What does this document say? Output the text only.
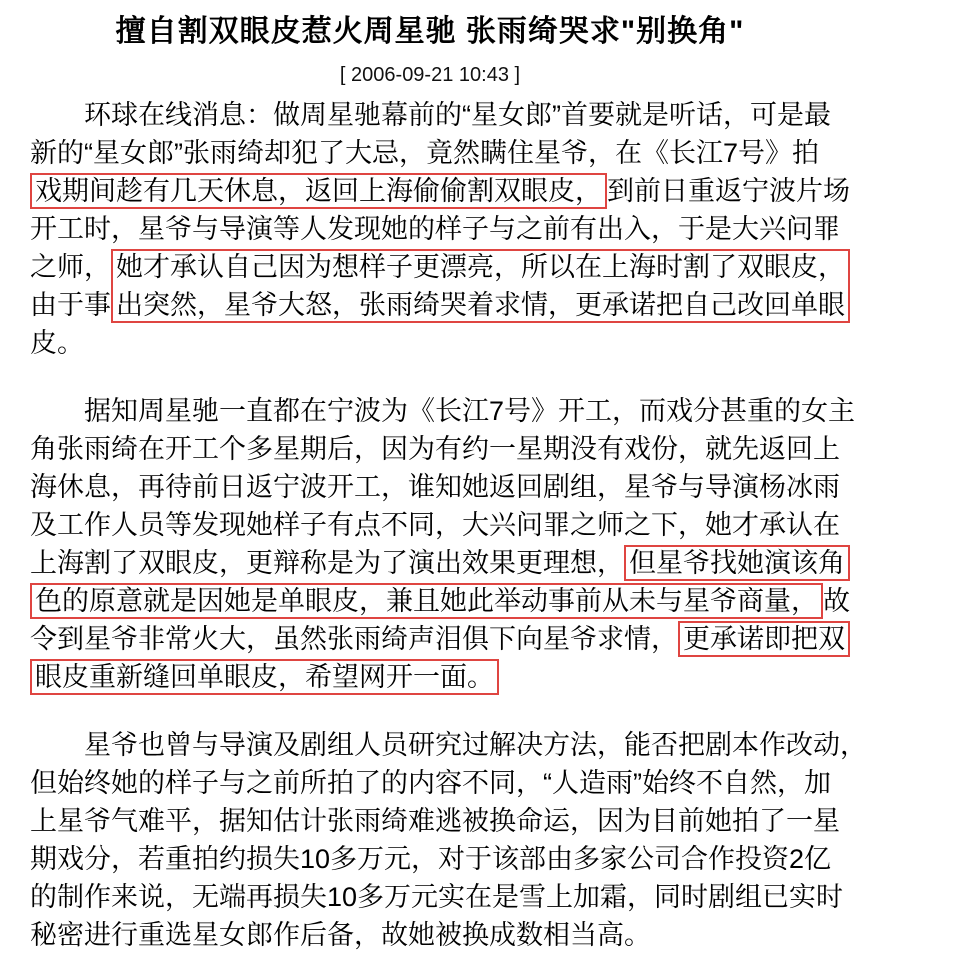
擅自割双眼皮惹火周星驰 张雨绮哭求"别换角"
[ 2006-09-21 10:43 ]
环球在线消息：做周星驰幕前的“星女郎”首要就是听话，可是最
新的“星女郎”张雨绮却犯了大忌，竟然瞒住星爷，在《长江7号》拍
戏期间趁有几天休息，返回上海偷偷割双眼皮， 到前日重返宁波片场
开工时，星爷与导演等人发现她的样子与之前有出入，于是大兴问罪
之师， 她才承认自己因为想样子更漂亮，所以在上海时割了双眼皮，
由于事 出突然，星爷大怒，张雨绮哭着求情，更承诺把自己改回单眼
皮。
据知周星驰一直都在宁波为《长江7号》开工，而戏分甚重的女主
角张雨绮在开工个多星期后，因为有约一星期没有戏份，就先返回上
海休息，再待前日返宁波开工，谁知她返回剧组，星爷与导演杨冰雨
及工作人员等发现她样子有点不同，大兴问罪之师之下，她才承认在
上海割了双眼皮，更辩称是为了演出效果更理想， 但星爷找她演该角
色的原意就是因她是单眼皮，兼且她此举动事前从未与星爷商量， 故
令到星爷非常火大，虽然张雨绮声泪俱下向星爷求情， 更承诺即把双
眼皮重新缝回单眼皮，希望网开一面。
星爷也曾与导演及剧组人员研究过解决方法，能否把剧本作改动，
但始终她的样子与之前所拍了的内容不同，“人造雨”始终不自然，加
上星爷气难平，据知估计张雨绮难逃被换命运，因为目前她拍了一星
期戏分，若重拍约损失10多万元，对于该部由多家公司合作投资2亿
的制作来说，无端再损失10多万元实在是雪上加霜，同时剧组已实时
秘密进行重选星女郎作后备，故她被换成数相当高。
